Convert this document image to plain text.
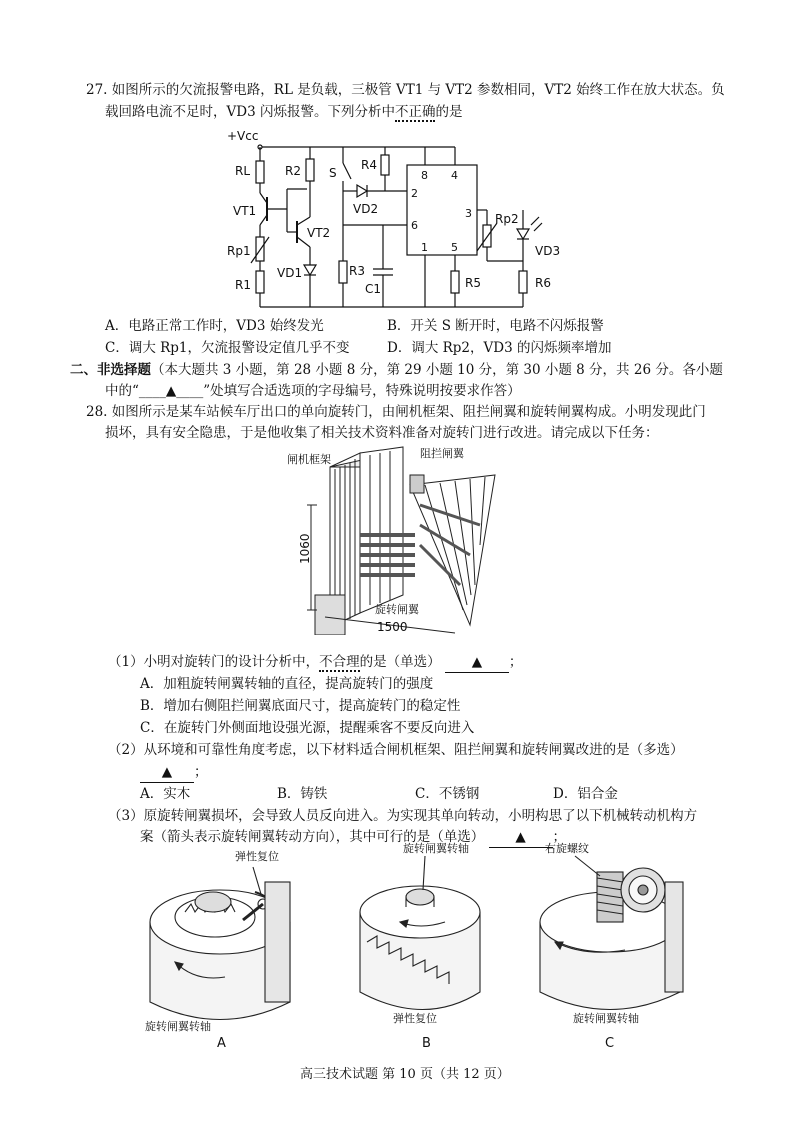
27. 如图所示的欠流报警电路，RL 是负载，三极管 VT1 与 VT2 参数相同，VT2 始终工作在放大状态。负
载回路电流不足时，VD3 闪烁报警。下列分析中不正确的是
+Vcc
RL
VT1
Rp1
R1
R2
VT2
VD1
S
R4
VD2
R3
C1
8 4
2
6
1 5
3
R5
Rp2
VD3
R6
A．电路正常工作时，VD3 始终发光	B．开关 S 断开时，电路不闪烁报警
C．调大 Rp1，欠流报警设定值几乎不变	D．调大 Rp2，VD3 的闪烁频率增加
二、非选择题（本大题共 3 小题，第 28 小题 8 分，第 29 小题 10 分，第 30 小题 8 分，共 26 分。各小题
中的“____▲____”处填写合适选项的字母编号，特殊说明按要求作答）
28. 如图所示是某车站候车厅出口的单向旋转门，由闸机框架、阻拦闸翼和旋转闸翼构成。小明发现此门
损坏，具有安全隐患，于是他收集了相关技术资料准备对旋转门进行改进。请完成以下任务：
1060
1500
闸机框架	阻拦闸翼
旋转闸翼
（1）小明对旋转门的设计分析中，不合理的是（单选） ▲ ；
A．加粗旋转闸翼转轴的直径，提高旋转门的强度
B．增加右侧阻拦闸翼底面尺寸，提高旋转门的稳定性
C．在旋转门外侧面地设强光源，提醒乘客不要反向进入
（2）从环境和可靠性角度考虑，以下材料适合闸机框架、阻拦闸翼和旋转闸翼改进的是（多选）
▲ ；
A．实木	B．铸铁	C．不锈钢	D．铝合金
（3）原旋转闸翼损坏，会导致人员反向进入。为实现其单向转动，小明构思了以下机械转动机构方
案（箭头表示旋转闸翼转动方向），其中可行的是（单选） ▲ ；
弹性复位
旋转闸翼转轴
A
旋转闸翼转轴
弹性复位
B
右旋螺纹
旋转闸翼转轴
C
高三技术试题 第 10 页（共 12 页）
